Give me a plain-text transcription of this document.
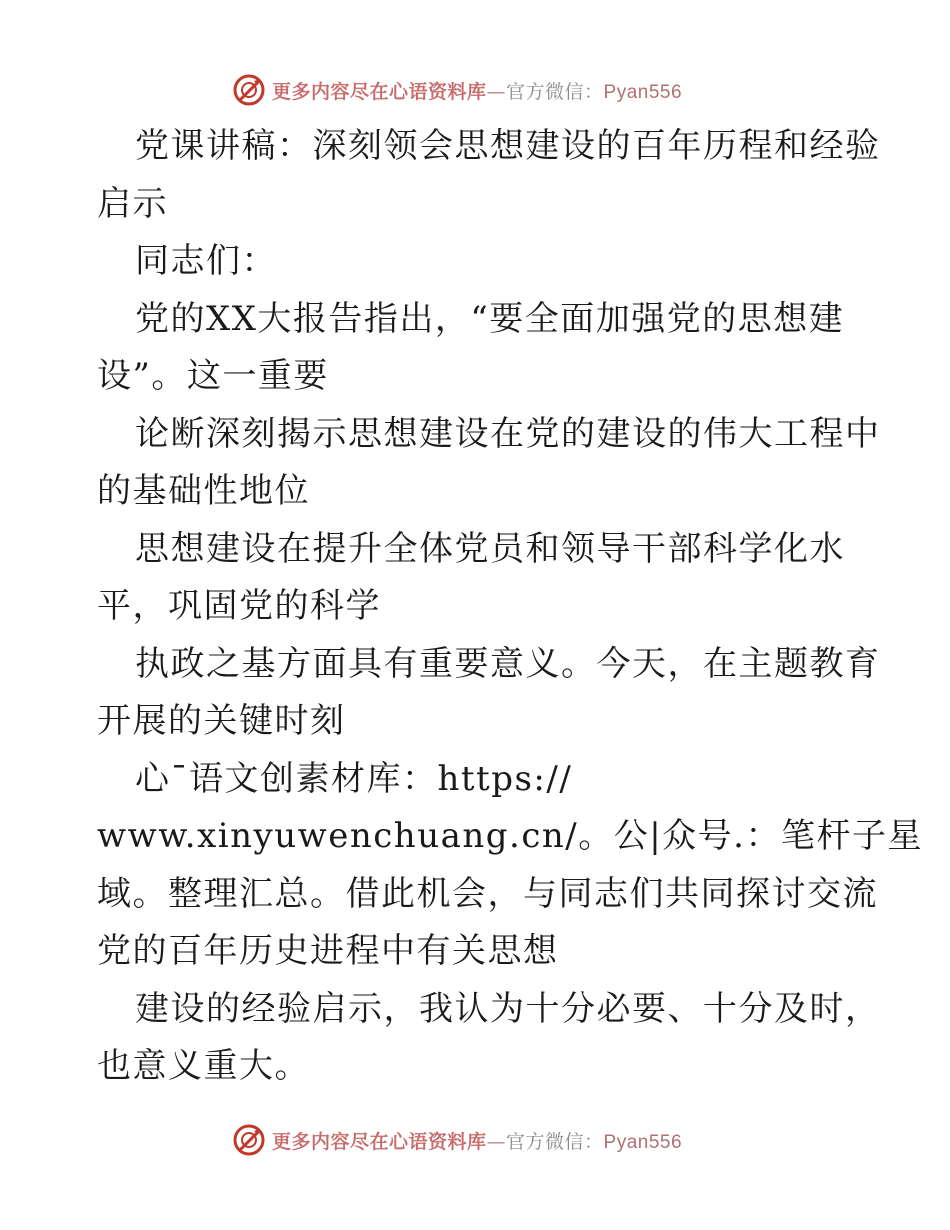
更多内容尽在心语资料库—官方微信：Pyan556
党课讲稿：深刻领会思想建设的百年历程和经验
启示
同志们：
党的XX大报告指出，“要全面加强党的思想建
设”。这一重要
论断深刻揭示思想建设在党的建设的伟大工程中
的基础性地位
思想建设在提升全体党员和领导干部科学化水
平，巩固党的科学
执政之基方面具有重要意义。今天，在主题教育
开展的关键时刻
心¯语文创素材库：https://
www.xinyuwenchuang.cn/。公|众号.：笔杆子星
域。整理汇总。借此机会，与同志们共同探讨交流
党的百年历史进程中有关思想
建设的经验启示，我认为十分必要、十分及时，
也意义重大。
更多内容尽在心语资料库—官方微信：Pyan556
